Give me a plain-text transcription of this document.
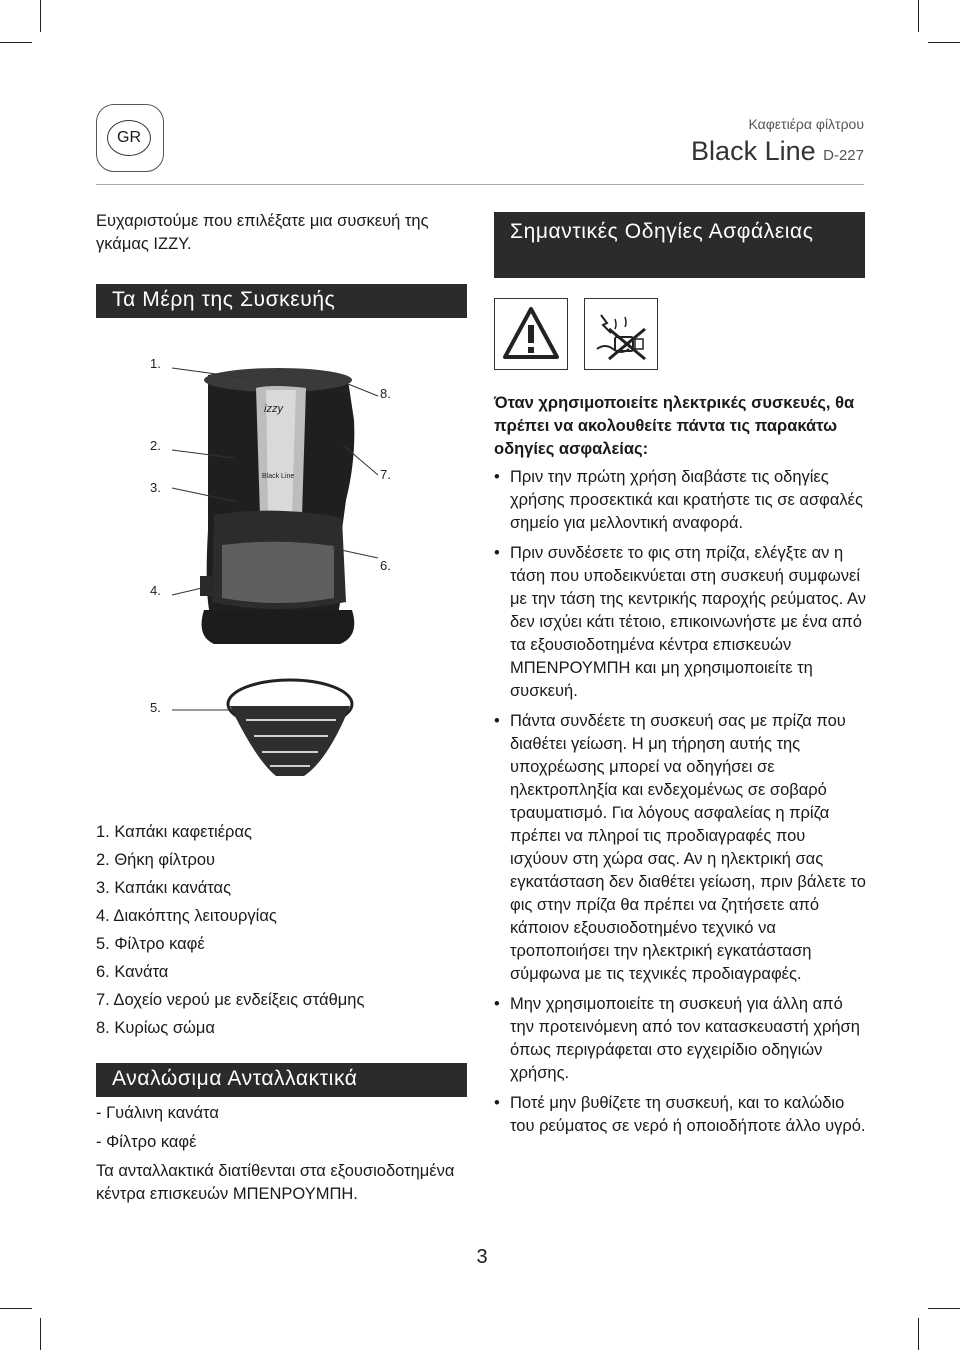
GR
Καφετιέρα φίλτρου
Black Line D-227
Ευχαριστούμε που επιλέξατε μια συσκευή της γκάμας IZZY.
Τα Μέρη της Συσκευής
izzy
Black Line
1.
2.
3.
4.
5.
6.
7.
8.
1. Καπάκι καφετιέρας
2. Θήκη φίλτρου
3. Καπάκι κανάτας
4. Διακόπτης λειτουργίας
5. Φίλτρο καφέ
6. Κανάτα
7. Δοχείο νερού με ενδείξεις στάθμης
8. Κυρίως σώμα
Αναλώσιμα Ανταλλακτικά

- Γυάλινη κανάτα

- Φίλτρο καφέ

Τα ανταλλακτικά διατίθενται στα εξουσιοδοτημένα κέντρα επισκευών ΜΠΕΝΡΟΥΜΠΗ.

Σημαντικές Οδηγίες Ασφάλειας
Όταν χρησιμοποιείτε ηλεκτρικές συσκευές, θα πρέπει να ακολουθείτε πάντα τις παρακάτω οδηγίες ασφαλείας:
• Πριν την πρώτη χρήση διαβάστε τις οδηγίες χρήσης προσεκτικά και κρατήστε τις σε ασφαλές σημείο για μελλοντική αναφορά.
• Πριν συνδέσετε το φις στη πρίζα, ελέγξτε αν η τάση που υποδεικνύεται στη συσκευή συμφωνεί με την τάση της κεντρικής παροχής ρεύματος. Αν δεν ισχύει κάτι τέτοιο, επικοινωνήστε με ένα από τα εξουσιοδοτημένα κέντρα επισκευών ΜΠΕΝΡΟΥΜΠΗ και μη χρησιμοποιείτε τη συσκευή.
• Πάντα συνδέετε τη συσκευή σας με πρίζα που διαθέτει γείωση. Η μη τήρηση αυτής της υποχρέωσης μπορεί να οδηγήσει σε ηλεκτροπληξία και ενδεχομένως σε σοβαρό τραυματισμό. Για λόγους ασφαλείας η πρίζα πρέπει να πληροί τις προδιαγραφές που ισχύουν στη χώρα σας. Αν η ηλεκτρική σας εγκατάσταση δεν διαθέτει γείωση, πριν βάλετε το φις στην πρίζα θα πρέπει να ζητήσετε από κάποιον εξουσιοδοτημένο τεχνικό να τροποποιήσει την ηλεκτρική εγκατάσταση σύμφωνα με τις τεχνικές προδιαγραφές.
• Μην χρησιμοποιείτε τη συσκευή για άλλη από την προτεινόμενη από τον κατασκευαστή χρήση όπως περιγράφεται στο εγχειρίδιο οδηγιών χρήσης.
• Ποτέ μην βυθίζετε τη συσκευή, και το καλώδιο του ρεύματος σε νερό ή οποιοδήποτε άλλο υγρό.
3
